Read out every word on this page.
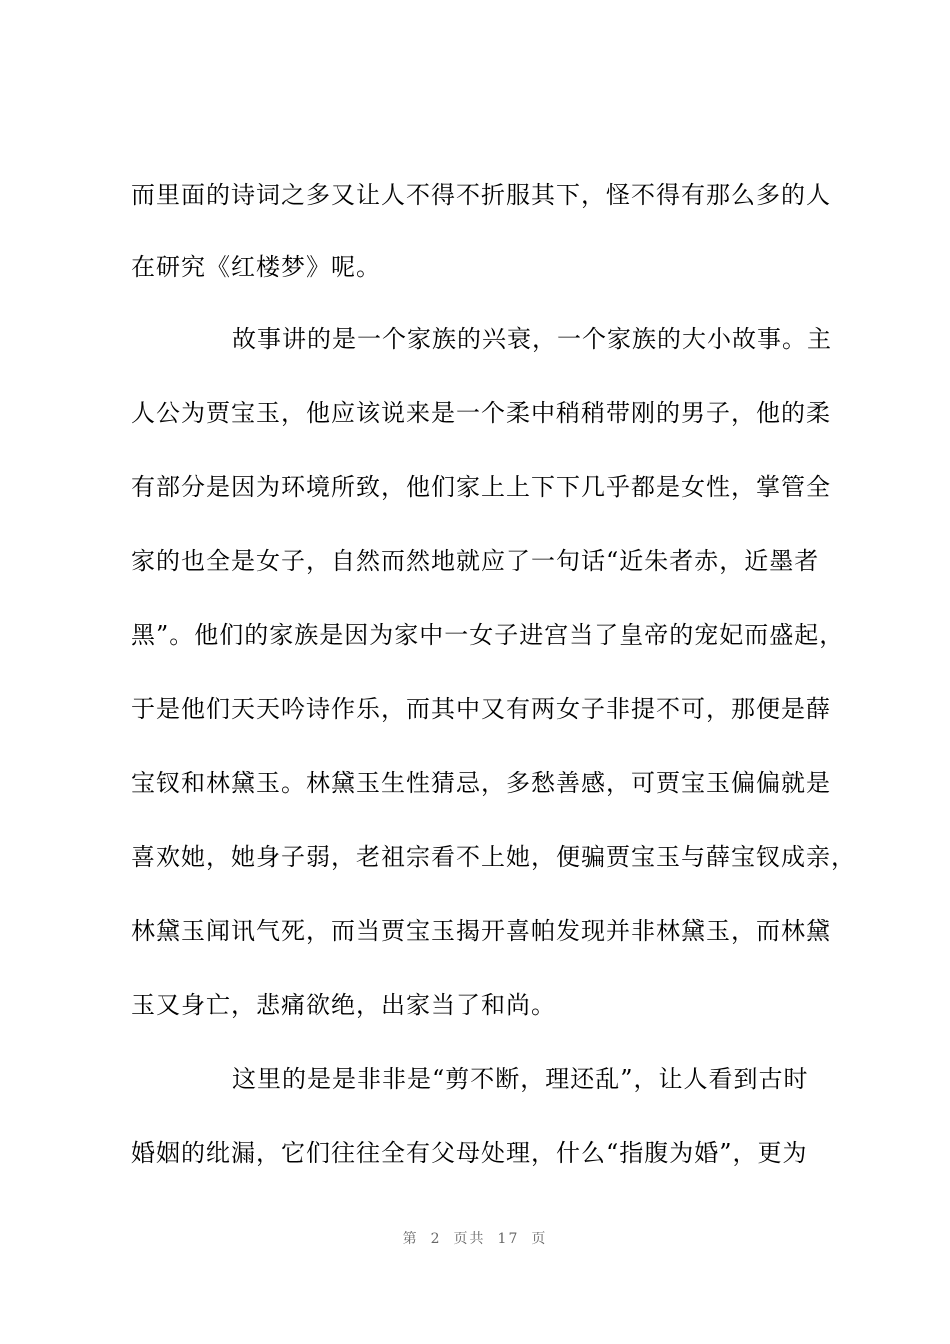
而里面的诗词之多又让人不得不折服其下，怪不得有那么多的人
在研究《红楼梦》呢。
故事讲的是一个家族的兴衰，一个家族的大小故事。主
人公为贾宝玉，他应该说来是一个柔中稍稍带刚的男子，他的柔
有部分是因为环境所致，他们家上上下下几乎都是女性，掌管全
家的也全是女子，自然而然地就应了一句话“近朱者赤，近墨者
黑”。他们的家族是因为家中一女子进宫当了皇帝的宠妃而盛起，
于是他们天天吟诗作乐，而其中又有两女子非提不可，那便是薛
宝钗和林黛玉。林黛玉生性猜忌，多愁善感，可贾宝玉偏偏就是
喜欢她，她身子弱，老祖宗看不上她，便骗贾宝玉与薛宝钗成亲，
林黛玉闻讯气死，而当贾宝玉揭开喜帕发现并非林黛玉，而林黛
玉又身亡，悲痛欲绝，出家当了和尚。
这里的是是非非是“剪不断，理还乱”，让人看到古时
婚姻的纰漏，它们往往全有父母处理，什么“指腹为婚”，更为
第 2 页共 17 页
